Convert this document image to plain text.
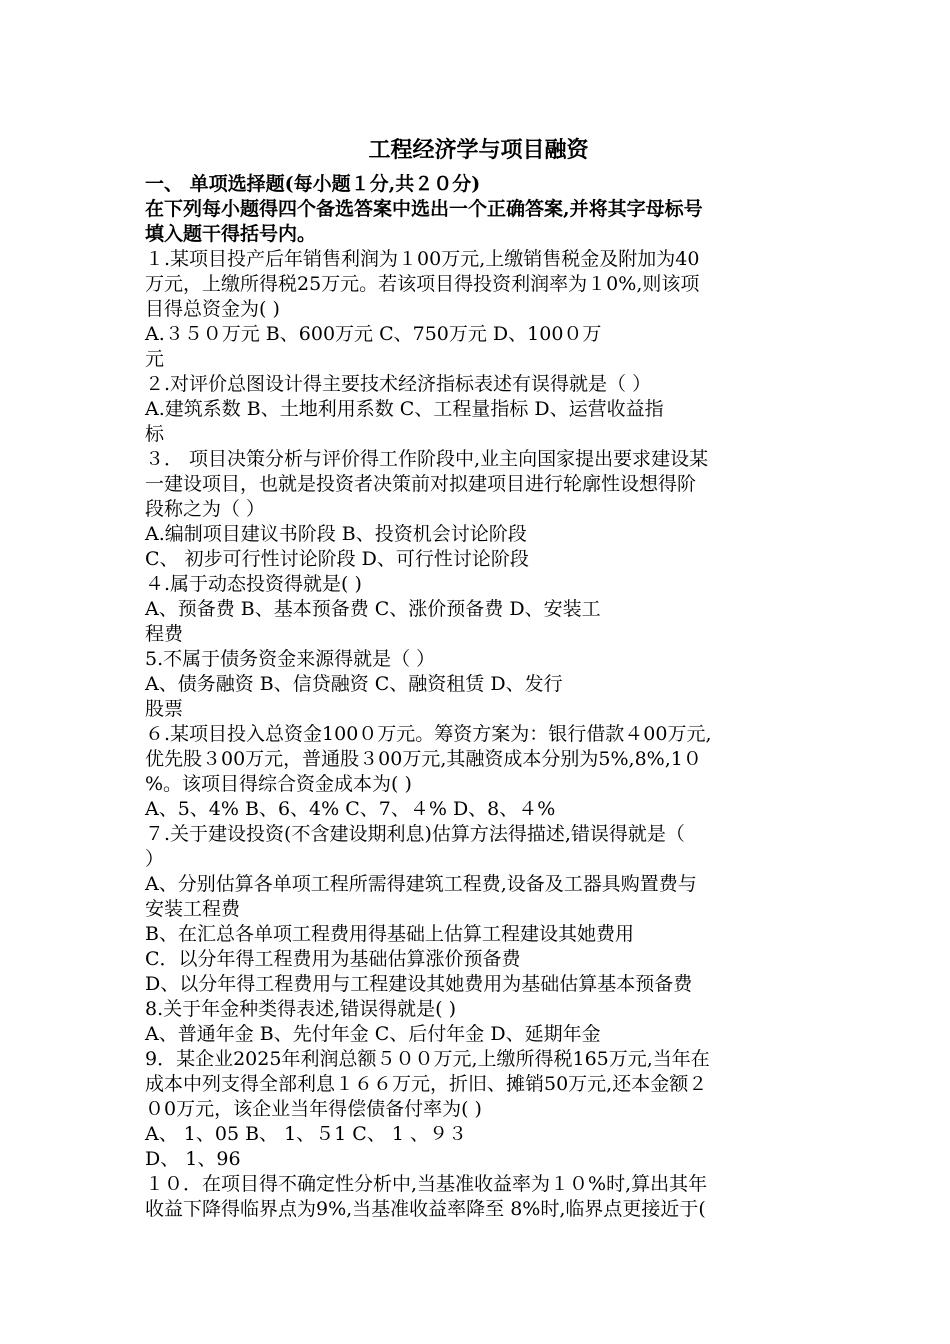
工程经济学与项目融资
一、 单项选择题(每小题１分,共２０分)
在下列每小题得四个备选答案中选出一个正确答案,并将其字母标号
填入题干得括号内。
１.某项目投产后年销售利润为１00万元,上缴销售税金及附加为40
万元，上缴所得税25万元。若该项目得投资利润率为１0%,则该项
目得总资金为( )
A.３５０万元 B、600万元 C、750万元 D、100０万
元
２.对评价总图设计得主要技术经济指标表述有误得就是（ ）
A.建筑系数 B、土地利用系数 C、工程量指标 D、运营收益指
标
３． 项目决策分析与评价得工作阶段中,业主向国家提出要求建设某
一建设项目，也就是投资者决策前对拟建项目进行轮廓性设想得阶
段称之为（ ）
A.编制项目建议书阶段 B、投资机会讨论阶段
C、 初步可行性讨论阶段 D、可行性讨论阶段
４.属于动态投资得就是( )
A、预备费 B、基本预备费 C、涨价预备费 D、安装工
程费
5.不属于债务资金来源得就是（ ）
A、债务融资 B、信贷融资 C、融资租赁 D、发行
股票
６.某项目投入总资金100０万元。筹资方案为：银行借款４00万元,
优先股３00万元，普通股３00万元,其融资成本分别为5%,8%,1０
%。该项目得综合资金成本为( )
A、5、4% B、6、4% C、7、４% D、8、４%
７.关于建设投资(不含建设期利息)估算方法得描述,错误得就是（
）
A、分别估算各单项工程所需得建筑工程费,设备及工器具购置费与
安装工程费
B、在汇总各单项工程费用得基础上估算工程建设其她费用
C．以分年得工程费用为基础估算涨价预备费
D、以分年得工程费用与工程建设其她费用为基础估算基本预备费
8.关于年金种类得表述,错误得就是( )
A、普通年金 B、先付年金 C、后付年金 D、延期年金
9．某企业2025年利润总额５００万元,上缴所得税165万元,当年在
成本中列支得全部利息１６６万元，折旧、摊销50万元,还本金额２
０0万元，该企业当年得偿债备付率为( )
A、 1、05 B、 1、５1 C、 1 、９３
D、 1、96
１０．在项目得不确定性分析中,当基准收益率为１０%时,算出其年
收益下降得临界点为9%,当基准收益率降至 8%时,临界点更接近于(
